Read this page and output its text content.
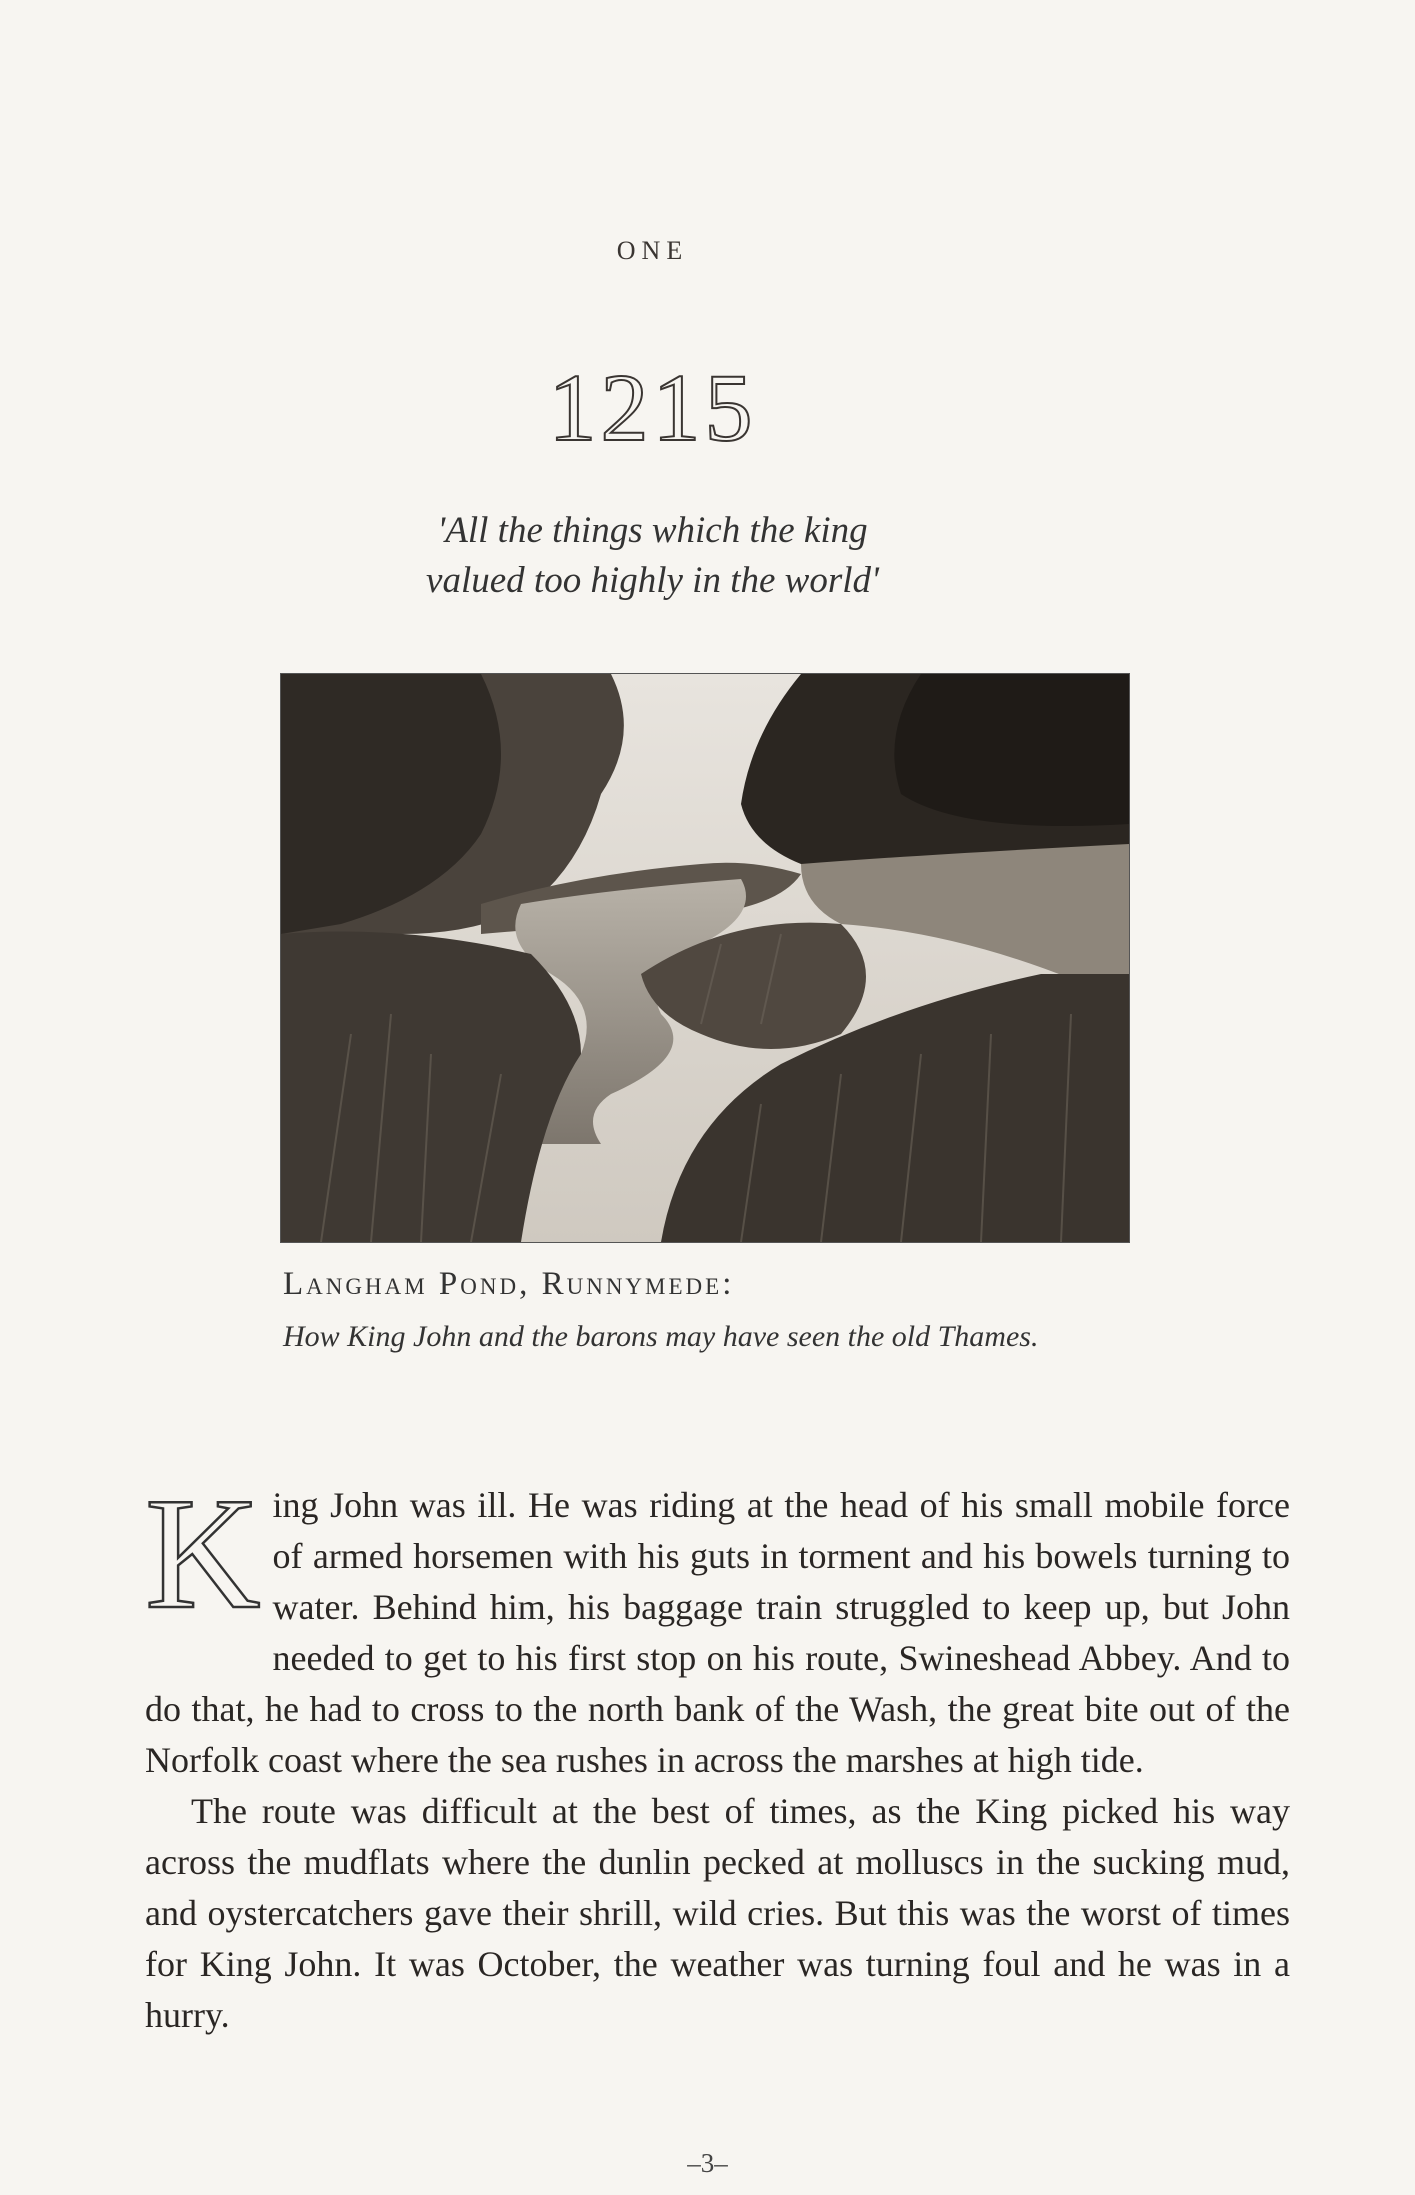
ONE
1215
'All the things which the king
valued too highly in the world'
Langham Pond, Runnymede:
How King John and the barons may have seen the old Thames.

King John was ill. He was riding at the head of his small mobile force of armed horsemen with his guts in torment and his bowels turning to water. Behind him, his baggage train struggled to keep up, but John needed to get to his first stop on his route, Swineshead Abbey. And to do that, he had to cross to the north bank of the Wash, the great bite out of the Norfolk coast where the sea rushes in across the marshes at high tide.

The route was difficult at the best of times, as the King picked his way across the mudflats where the dunlin pecked at molluscs in the sucking mud, and oystercatchers gave their shrill, wild cries. But this was the worst of times for King John. It was October, the weather was turning foul and he was in a hurry.

–3–
